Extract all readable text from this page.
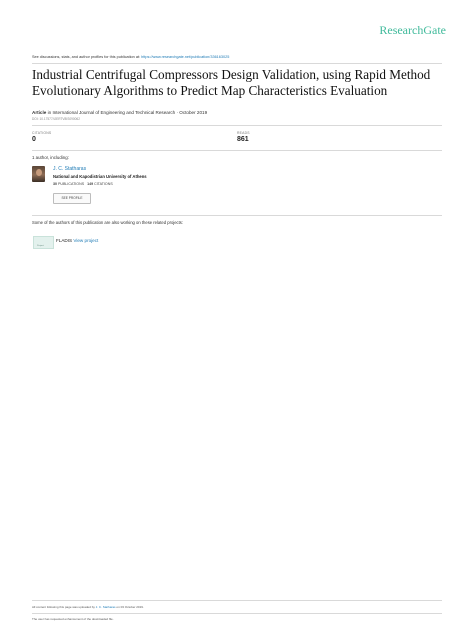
ResearchGate
See discussions, stats, and author profiles for this publication at: https://www.researchgate.net/publication/336163025
Industrial Centrifugal Compressors Design Validation, using Rapid Method Evolutionary Algorithms to Predict Map Characteristics Evaluation
Article in International Journal of Engineering and Technical Research · October 2019
DOI: 10.17577/IJERTV8IS090062
CITATIONS
0
READS
861
1 author, including:
J. C. Statharas
National and Kapodistrian University of Athens
30 PUBLICATIONS 149 CITATIONS
SEE PROFILE
Some of the authors of this publication are also working on these related projects:
Project
FLADIS View project
All content following this page was uploaded by J. C. Statharas on 03 October 2019.
The user has requested enhancement of the downloaded file.
